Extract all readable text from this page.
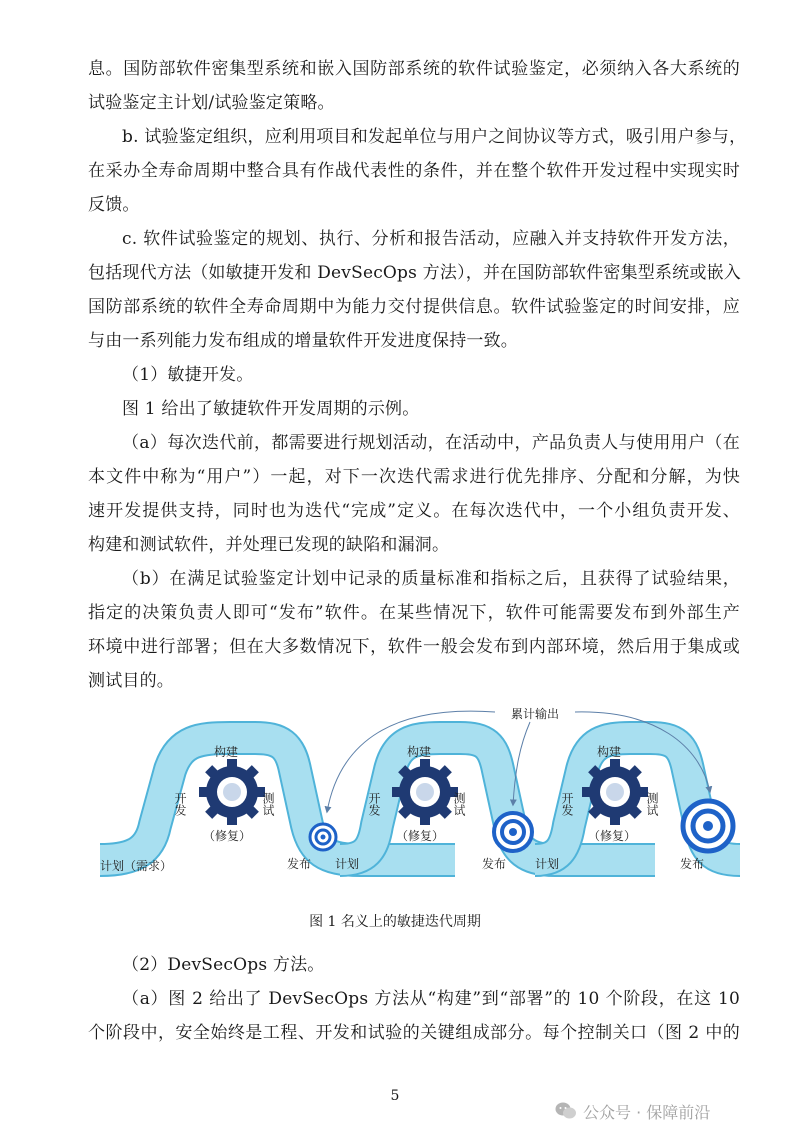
息。国防部软件密集型系统和嵌入国防部系统的软件试验鉴定，必须纳入各大系统的
试验鉴定主计划/试验鉴定策略。
b. 试验鉴定组织，应利用项目和发起单位与用户之间协议等方式，吸引用户参与，
在采办全寿命周期中整合具有作战代表性的条件，并在整个软件开发过程中实现实时
反馈。
c. 软件试验鉴定的规划、执行、分析和报告活动，应融入并支持软件开发方法，
包括现代方法（如敏捷开发和 DevSecOps 方法），并在国防部软件密集型系统或嵌入
国防部系统的软件全寿命周期中为能力交付提供信息。软件试验鉴定的时间安排，应
与由一系列能力发布组成的增量软件开发进度保持一致。
（1）敏捷开发。
图 1 给出了敏捷软件开发周期的示例。
（a）每次迭代前，都需要进行规划活动，在活动中，产品负责人与使用用户（在
本文件中称为“用户”）一起，对下一次迭代需求进行优先排序、分配和分解，为快
速开发提供支持，同时也为迭代“完成”定义。在每次迭代中，一个小组负责开发、
构建和测试软件，并处理已发现的缺陷和漏洞。
（b）在满足试验鉴定计划中记录的质量标准和指标之后，且获得了试验结果，
指定的决策负责人即可“发布”软件。在某些情况下，软件可能需要发布到外部生产
环境中进行部署；但在大多数情况下，软件一般会发布到内部环境，然后用于集成或
测试目的。
累计输出
计划（需求）
构建
开发	测试
（修复）
发布 计划
构建
开发	测试
（修复）
发布 计划
构建
开发	测试
（修复）
发布
图 1 名义上的敏捷迭代周期
（2）DevSecOps 方法。
（a）图 2 给出了 DevSecOps 方法从“构建”到“部署”的 10 个阶段，在这 10
个阶段中，安全始终是工程、开发和试验的关键组成部分。每个控制关口（图 2 中的
5
公众号 · 保障前沿
